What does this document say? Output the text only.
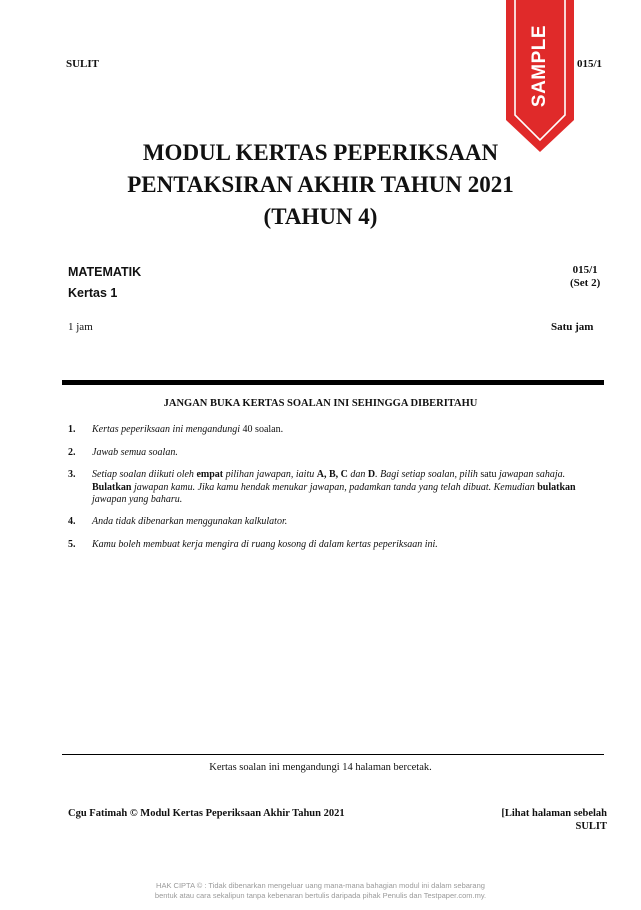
SULIT	015/1
SAMPLE
MODUL KERTAS PEPERIKSAAN
PENTAKSIRAN AKHIR TAHUN 2021
(TAHUN 4)
MATEMATIK
Kertas 1
015/1
(Set 2)
1 jam	Satu jam
JANGAN BUKA KERTAS SOALAN INI SEHINGGA DIBERITAHU
1. Kertas peperiksaan ini mengandungi 40 soalan.
2. Jawab semua soalan.
3. Setiap soalan diikuti oleh empat pilihan jawapan, iaitu A, B, C dan D. Bagi setiap soalan, pilih satu jawapan sahaja. Bulatkan jawapan kamu. Jika kamu hendak menukar jawapan, padamkan tanda yang telah dibuat. Kemudian bulatkan jawapan yang baharu.
4. Anda tidak dibenarkan menggunakan kalkulator.
5. Kamu boleh membuat kerja mengira di ruang kosong di dalam kertas peperiksaan ini.
Kertas soalan ini mengandungi 14 halaman bercetak.
Cgu Fatimah © Modul Kertas Peperiksaan Akhir Tahun 2021	[Lihat halaman sebelah
SULIT
HAK CIPTA © : Tidak dibenarkan mengeluar uang mana-mana bahagian modul ini dalam sebarang
bentuk atau cara sekalipun tanpa kebenaran bertulis daripada pihak Penulis dan Testpaper.com.my.
